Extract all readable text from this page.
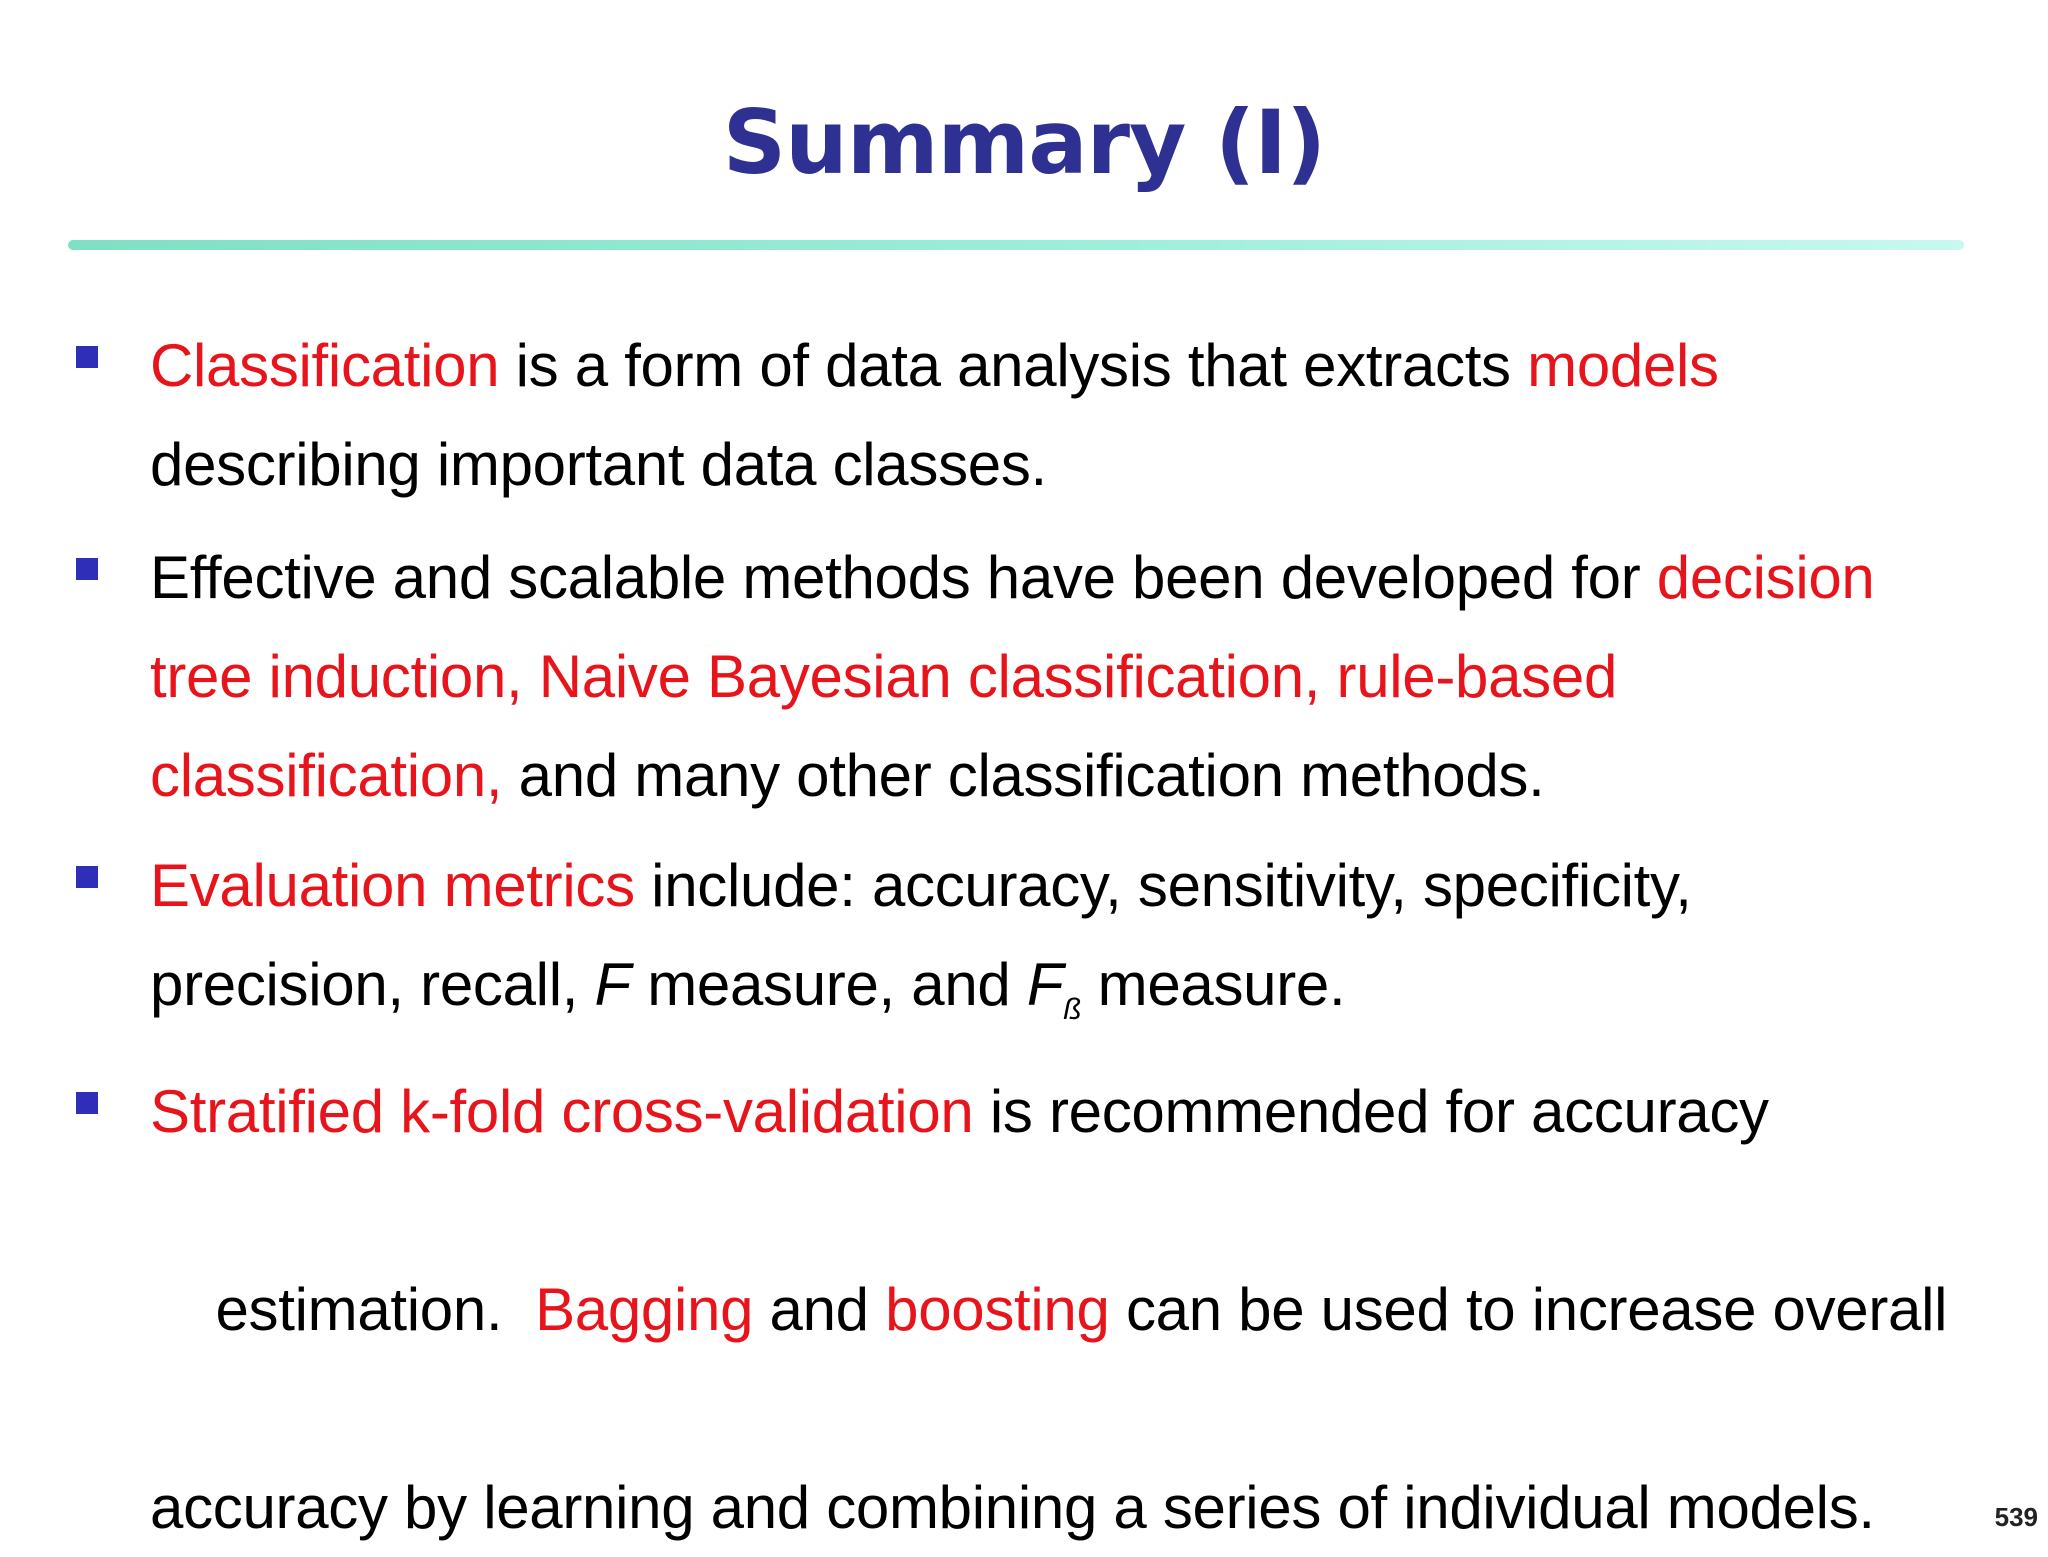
Summary (I)
Classification is a form of data analysis that extracts models
describing important data classes.
Effective and scalable methods have been developed for decision
tree induction, Naive Bayesian classification, rule-based
classification, and many other classification methods.
Evaluation metrics include: accuracy, sensitivity, specificity,
precision, recall, F measure, and $F_ß$ measure.
Stratified k-fold cross-validation is recommended for accuracy

estimation.  Bagging and boosting can be used to increase overall

accuracy by learning and combining a series of individual models.	539
